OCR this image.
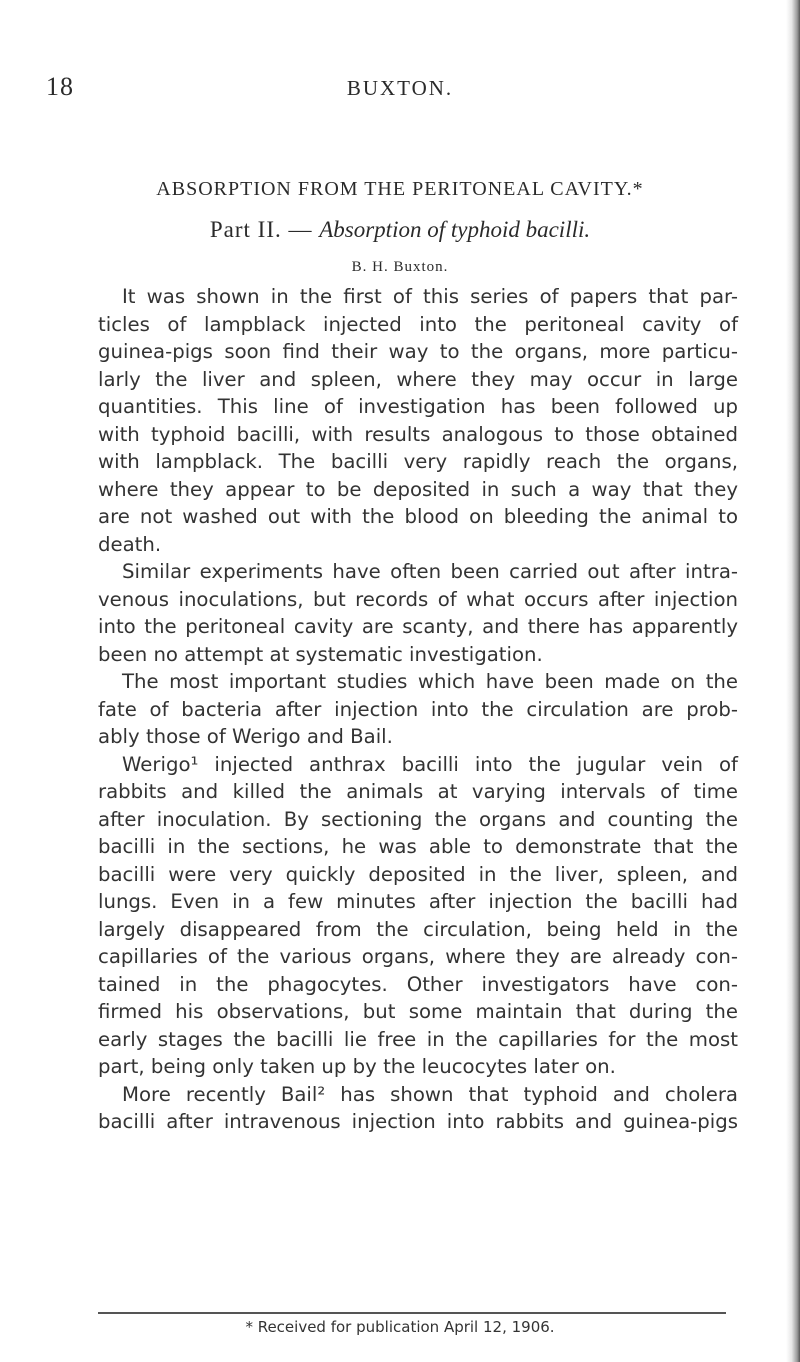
18	BUXTON.
ABSORPTION FROM THE PERITONEAL CAVITY.*
Part II. — Absorption of typhoid bacilli.
B. H. Buxton.
It was shown in the first of this series of papers that par-
ticles of lampblack injected into the peritoneal cavity of
guinea-pigs soon find their way to the organs, more particu-
larly the liver and spleen, where they may occur in large
quantities. This line of investigation has been followed up
with typhoid bacilli, with results analogous to those obtained
with lampblack. The bacilli very rapidly reach the organs,
where they appear to be deposited in such a way that they
are not washed out with the blood on bleeding the animal to
death.
Similar experiments have often been carried out after intra-
venous inoculations, but records of what occurs after injection
into the peritoneal cavity are scanty, and there has apparently
been no attempt at systematic investigation.
The most important studies which have been made on the
fate of bacteria after injection into the circulation are prob-
ably those of Werigo and Bail.
Werigo¹ injected anthrax bacilli into the jugular vein of
rabbits and killed the animals at varying intervals of time
after inoculation. By sectioning the organs and counting the
bacilli in the sections, he was able to demonstrate that the
bacilli were very quickly deposited in the liver, spleen, and
lungs. Even in a few minutes after injection the bacilli had
largely disappeared from the circulation, being held in the
capillaries of the various organs, where they are already con-
tained in the phagocytes. Other investigators have con-
firmed his observations, but some maintain that during the
early stages the bacilli lie free in the capillaries for the most
part, being only taken up by the leucocytes later on.
More recently Bail² has shown that typhoid and cholera
bacilli after intravenous injection into rabbits and guinea-pigs
* Received for publication April 12, 1906.
